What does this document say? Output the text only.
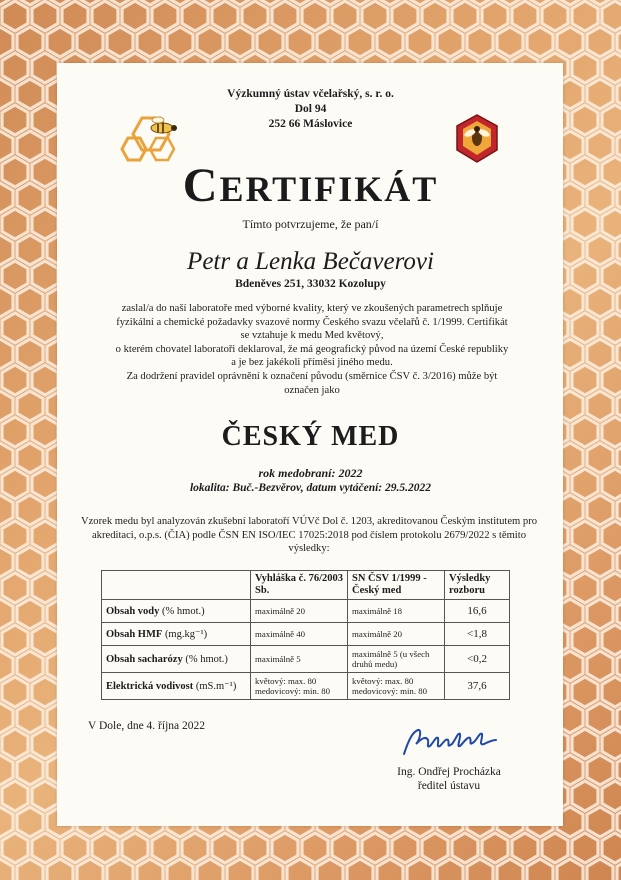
Výzkumný ústav včelařský, s. r. o.
Dol 94
252 66 Máslovice
CERTIFIKÁT
Tímto potvrzujeme, že pan/í
Petr a Lenka Bečaverovi
Bdeněves 251, 33032 Kozolupy

zaslal/a do naší laboratoře med výborné kvality, který ve zkoušených parametrech splňuje fyzikální a chemické požadavky svazové normy Českého svazu včelařů č. 1/1999. Certifikát se vztahuje k medu Med květový,

o kterém chovatel laboratoři deklaroval, že má geografický původ na území České republiky a je bez jakékoli příměsi jiného medu.

Za dodržení pravidel oprávnění k označení původu (směrnice ČSV č. 3/2016) může být označen jako

ČESKÝ MED
rok medobraní: 2022
lokalita: Buč.-Bezvěrov, datum vytáčení: 29.5.2022
Vzorek medu byl analyzován zkušební laboratoří VÚVč Dol č. 1203, akreditovanou Českým institutem pro akreditaci, o.p.s. (ČIA) podle ČSN EN ISO/IEC 17025:2018 pod číslem protokolu 2679/2022 s těmito výsledky:
	Vyhláška č. 76/2003 Sb.	SN ČSV 1/1999 - Český med	Výsledky rozboru
Obsah vody (% hmot.)	maximálně 20	maximálně 18	16,6
Obsah HMF (mg.kg⁻¹)	maximálně 40	maximálně 20	<1,8
Obsah sacharózy (% hmot.)	maximálně 5	maximálně 5 (u všech druhů medu)	<0,2
Elektrická vodivost (mS.m⁻¹)	květový: max. 80 medovicový: min. 80	květový: max. 80 medovicový: min. 80	37,6
V Dole, dne 4. října 2022
Ing. Ondřej Procházka
ředitel ústavu
